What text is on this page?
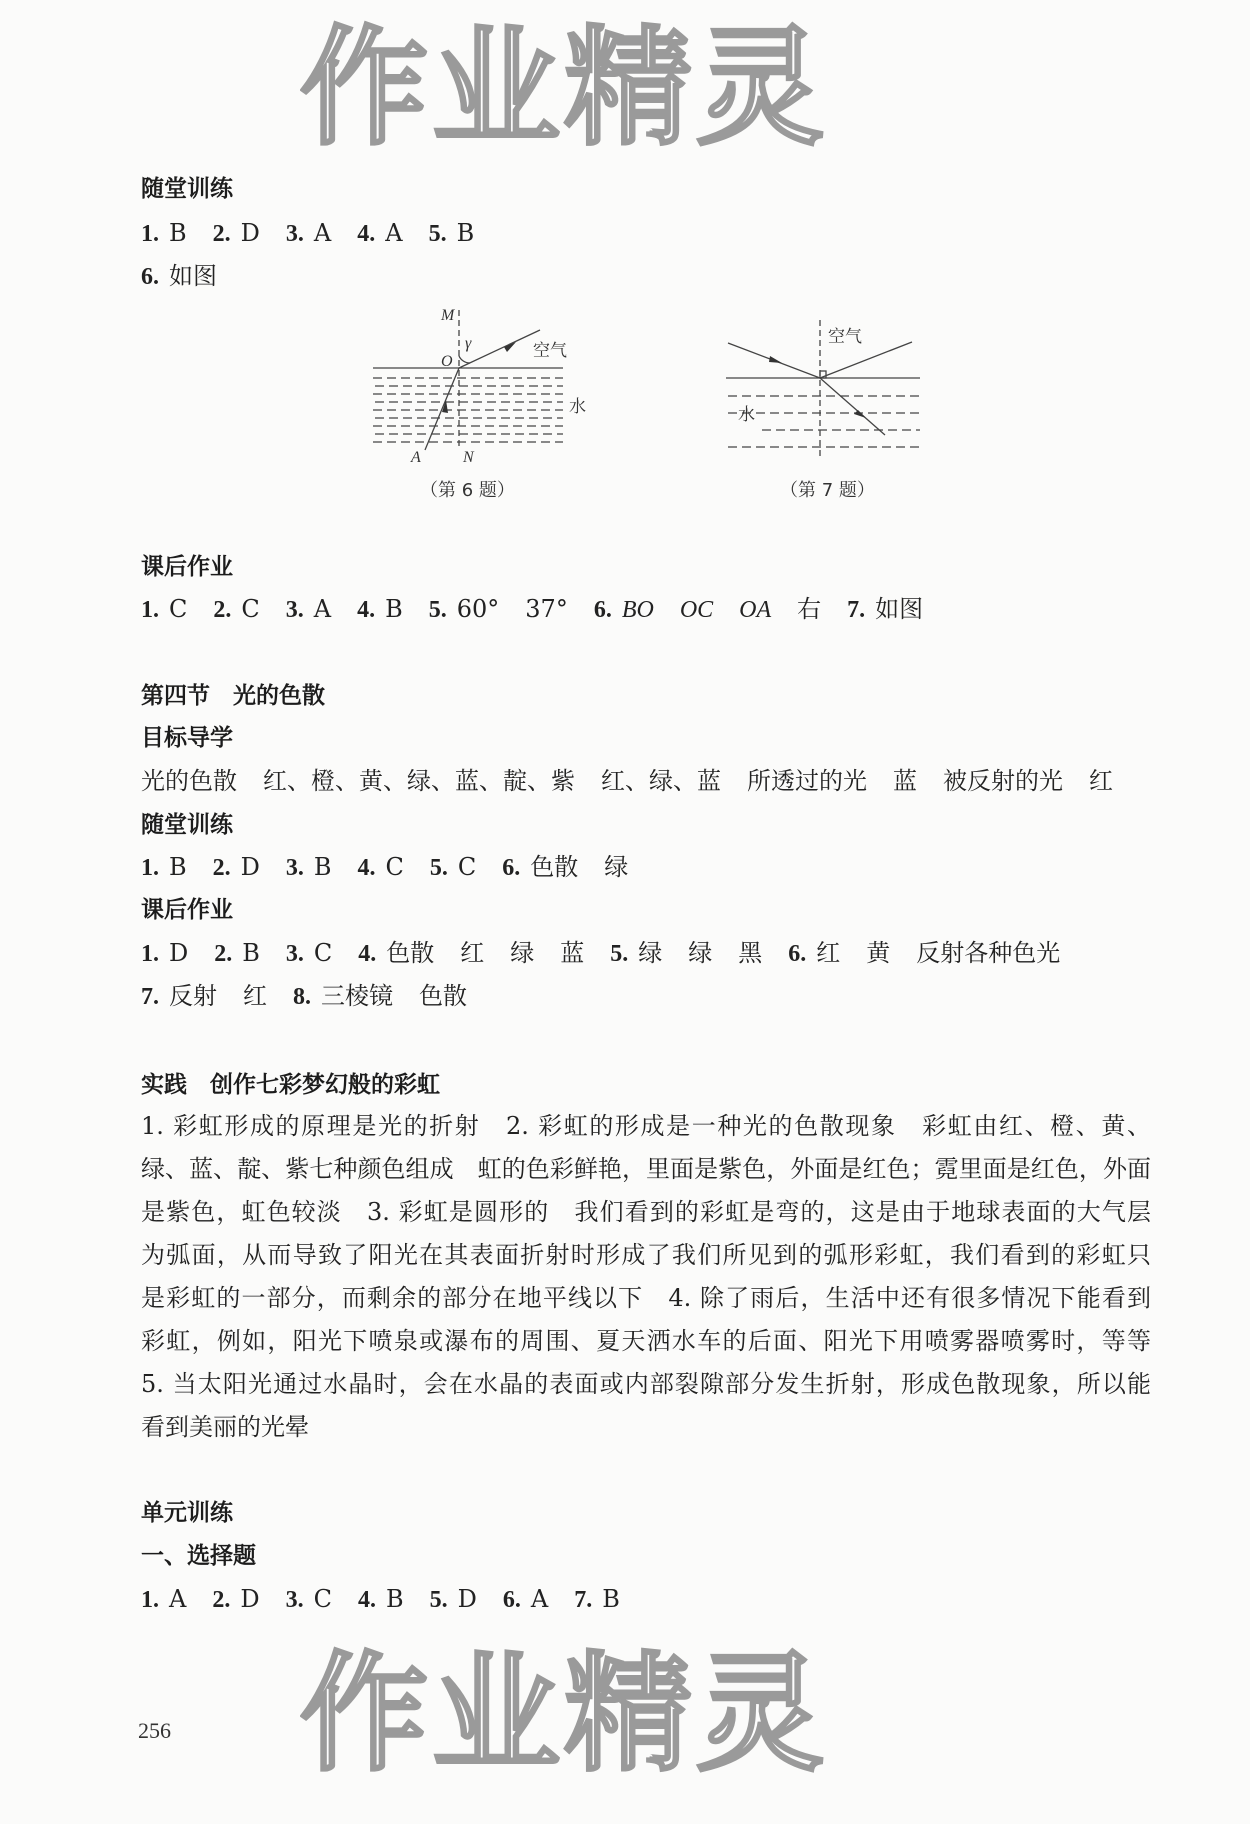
随堂训练
1. B 2. D 3. A 4. A 5. B
6. 如图
M
O
γ
A	N
空气
水
（第 6 题）
空气
水
（第 7 题）
课后作业
1. C 2. C 3. A 4. B 5. 60° 37° 6. BO OC OA 右 7. 如图
第四节　光的色散
目标导学
光的色散 红、橙、黄、绿、蓝、靛、紫 红、绿、蓝 所透过的光 蓝 被反射的光 红
随堂训练
1. B 2. D 3. B 4. C 5. C 6. 色散 绿
课后作业
1. D 2. B 3. C 4. 色散 红 绿 蓝 5. 绿 绿 黑 6. 红 黄 反射各种色光
7. 反射 红 8. 三棱镜 色散
实践　创作七彩梦幻般的彩虹
1. 彩虹形成的原理是光的折射　2. 彩虹的形成是一种光的色散现象　彩虹由红、橙、黄、
绿、蓝、靛、紫七种颜色组成　虹的色彩鲜艳，里面是紫色，外面是红色；霓里面是红色，外面
是紫色，虹色较淡　3. 彩虹是圆形的　我们看到的彩虹是弯的，这是由于地球表面的大气层
为弧面，从而导致了阳光在其表面折射时形成了我们所见到的弧形彩虹，我们看到的彩虹只
是彩虹的一部分，而剩余的部分在地平线以下　4. 除了雨后，生活中还有很多情况下能看到
彩虹，例如，阳光下喷泉或瀑布的周围、夏天洒水车的后面、阳光下用喷雾器喷雾时，等等
5. 当太阳光通过水晶时，会在水晶的表面或内部裂隙部分发生折射，形成色散现象，所以能
看到美丽的光晕
单元训练
一、选择题
1. A 2. D 3. C 4. B 5. D 6. A 7. B
256
作业精灵
作业精灵
